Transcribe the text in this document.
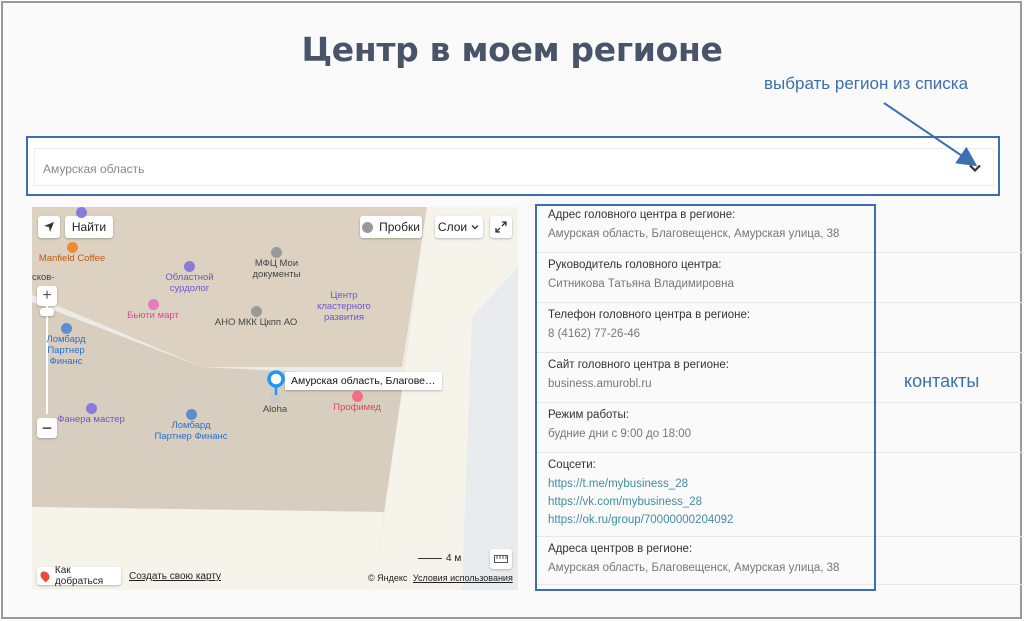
Центр в моем регионе
выбрать регион из списка
Амурская область
Найти	Пробки Слои
+
−

Manfield Coffee
сков-	Областной сурдолог

МФЦ Мои документы
Центр кластерного развития

Бьюти март

АНО МКК Цкпп АО

Ломбард Партнер Финанс

Фанера мастер

Ломбард Партнер Финанс

Aloha	Профимед
Амурская область, Благове…
4 м
Как добраться	Создать свою карту	© Яндекс Условия использования
Адрес головного центра в регионе:
Амурская область, Благовещенск, Амурская улица, 38
Руководитель головного центра:
Ситникова Татьяна Владимировна
Телефон головного центра в регионе:
8 (4162) 77-26-46
Сайт головного центра в регионе:
business.amurobl.ru
Режим работы:
будние дни с 9:00 до 18:00
Соцсети:
https://t.me/mybusiness_28
https://vk.com/mybusiness_28
https://ok.ru/group/70000000204092
Адреса центров в регионе:
Амурская область, Благовещенск, Амурская улица, 38
контакты
